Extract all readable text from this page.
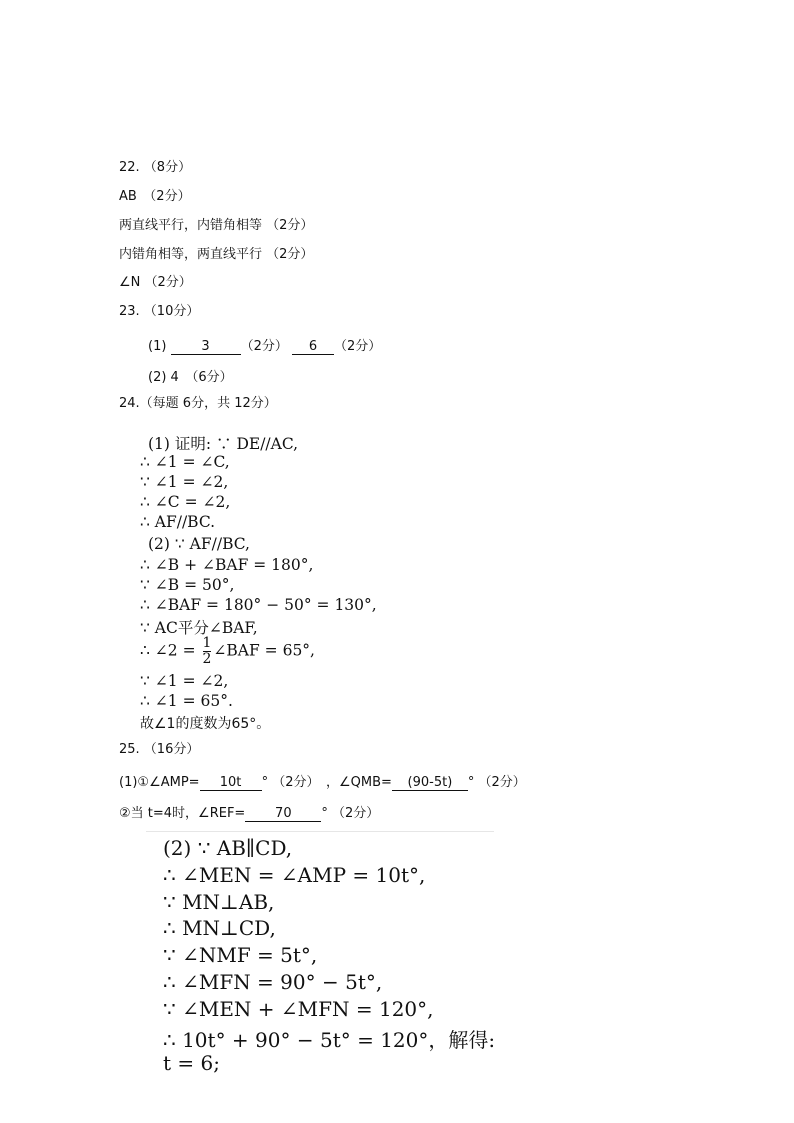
22. （8分）
AB　（2分）
两直线平行，内错角相等 （2分）
内错角相等，两直线平行 （2分）
∠N （2分）
23. （10分）
(1)	3 （2分） 6 （2分）
(2) 4　（6分）
24.（每题 6分，共 12分）
(1) 证明: ∵ DE//AC,
∴ ∠1 = ∠C,
∵ ∠1 = ∠2,
∴ ∠C = ∠2,
∴ AF//BC.
(2) ∵ AF//BC,
∴ ∠B + ∠BAF = 180°,
∵ ∠B = 50°,
∴ ∠BAF = 180° − 50° = 130°,
∵ AC平分∠BAF,
∴ ∠2 = $\frac{1}{2}$ ∠BAF = 65°,
∵ ∠1 = ∠2,
∴ ∠1 = 65°.
故∠1的度数为65°。
25. （16分）
(1)①∠AMP= 10t ° （2分）　，∠QMB= (90-5t) ° （2分）
②当 t=4时，∠REF= 70 ° （2分）
(2) ∵ AB∥CD,
∴ ∠MEN = ∠AMP = 10t°,
∵ MN⊥AB,
∴ MN⊥CD,
∵ ∠NMF = 5t°,
∴ ∠MFN = 90° − 5t°,
∵ ∠MEN + ∠MFN = 120°,
∴ 10t° + 90° − 5t° = 120°，解得:
t = 6;
